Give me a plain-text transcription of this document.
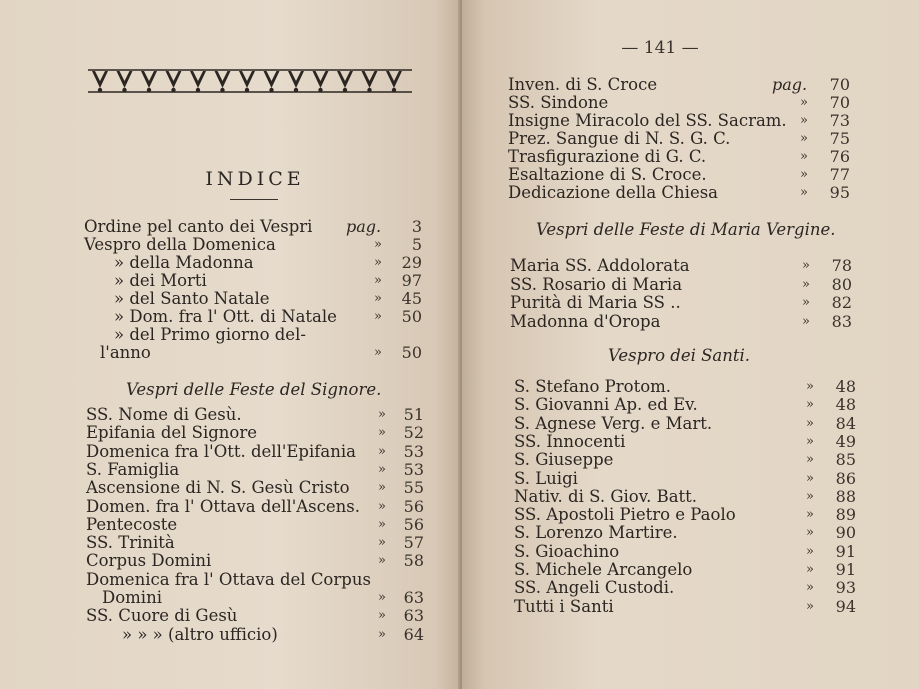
INDICE
Ordine pel canto dei Vespri pag.	3
Vespro della Domenica	»	5
» della Madonna	»	29
» dei Morti	»	97
» del Santo Natale	»	45
» Dom. fra l' Ott. di Natale	»	50
» del Primo giorno del-
l'anno	»	50
Vespri delle Feste del Signore.
SS. Nome di Gesù.	»	51
Epifania del Signore	»	52
Domenica fra l'Ott. dell'Epifania »	53
S. Famiglia	»	53
Ascensione di N. S. Gesù Cristo »	55
Domen. fra l' Ottava dell'Ascens. »	56
Pentecoste	»	56
SS. Trinità	»	57
Corpus Domini	»	58
Domenica fra l' Ottava del Corpus
Domini	»	63
SS. Cuore di Gesù	»	63
» » » (altro ufficio)	»	64
— 141 —
Inven. di S. Croce	pag.	70
SS. Sindone	»	70
Insigne Miracolo del SS. Sacram. »	73
Prez. Sangue di N. S. G. C.	»	75
Trasfigurazione di G. C.	»	76
Esaltazione di S. Croce.	»	77
Dedicazione della Chiesa	»	95
Vespri delle Feste di Maria Vergine.
Maria SS. Addolorata	»	78
SS. Rosario di Maria	»	80
Purità di Maria SS ..	»	82
Madonna d'Oropa	»	83
Vespro dei Santi.
S. Stefano Protom.	»	48
S. Giovanni Ap. ed Ev.	»	48
S. Agnese Verg. e Mart.	»	84
SS. Innocenti	»	49
S. Giuseppe	»	85
S. Luigi	»	86
Nativ. di S. Giov. Batt.	»	88
SS. Apostoli Pietro e Paolo	»	89
S. Lorenzo Martire.	»	90
S. Gioachino	»	91
S. Michele Arcangelo	»	91
SS. Angeli Custodi.	»	93
Tutti i Santi	»	94
